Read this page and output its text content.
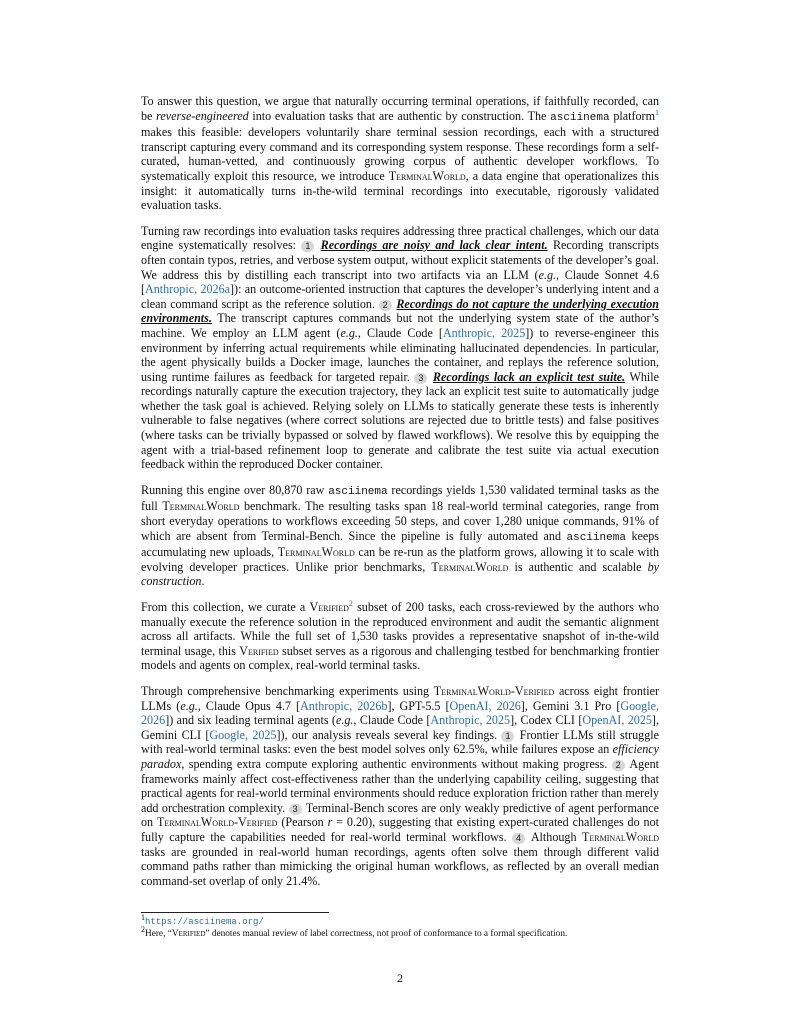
To answer this question, we argue that naturally occurring terminal operations, if faithfully recorded, can be reverse-engineered into evaluation tasks that are authentic by construction. The asciinema platform$^1$ makes this feasible: developers voluntarily share terminal session recordings, each with a structured transcript capturing every command and its corresponding system response. These recordings form a self-curated, human-vetted, and continuously growing corpus of authentic developer workflows. To systematically exploit this resource, we introduce TerminalWorld, a data engine that operationalizes this insight: it automatically turns in-the-wild terminal recordings into executable, rigorously validated evaluation tasks.

Turning raw recordings into evaluation tasks requires addressing three practical challenges, which our data engine systematically resolves: 1 Recordings are noisy and lack clear intent. Recording transcripts often contain typos, retries, and verbose system output, without explicit statements of the developer’s goal. We address this by distilling each transcript into two artifacts via an LLM (e.g., Claude Sonnet 4.6 [Anthropic, 2026a]): an outcome-oriented instruction that captures the developer’s underlying intent and a clean command script as the reference solution. 2 Recordings do not capture the underlying execution environments. The transcript captures commands but not the underlying system state of the author’s machine. We employ an LLM agent (e.g., Claude Code [Anthropic, 2025]) to reverse-engineer this environment by inferring actual requirements while eliminating hallucinated dependencies. In particular, the agent physically builds a Docker image, launches the container, and replays the reference solution, using runtime failures as feedback for targeted repair. 3 Recordings lack an explicit test suite. While recordings naturally capture the execution trajectory, they lack an explicit test suite to automatically judge whether the task goal is achieved. Relying solely on LLMs to statically generate these tests is inherently vulnerable to false negatives (where correct solutions are rejected due to brittle tests) and false positives (where tasks can be trivially bypassed or solved by flawed workflows). We resolve this by equipping the agent with a trial-based refinement loop to generate and calibrate the test suite via actual execution feedback within the reproduced Docker container.

Running this engine over 80,870 raw asciinema recordings yields 1,530 validated terminal tasks as the full TerminalWorld benchmark. The resulting tasks span 18 real-world terminal categories, range from short everyday operations to workflows exceeding 50 steps, and cover 1,280 unique commands, 91% of which are absent from Terminal-Bench. Since the pipeline is fully automated and asciinema keeps accumulating new uploads, TerminalWorld can be re-run as the platform grows, allowing it to scale with evolving developer practices. Unlike prior benchmarks, TerminalWorld is authentic and scalable by construction.

From this collection, we curate a Verified$^2$ subset of 200 tasks, each cross-reviewed by the authors who manually execute the reference solution in the reproduced environment and audit the semantic alignment across all artifacts. While the full set of 1,530 tasks provides a representative snapshot of in-the-wild terminal usage, this Verified subset serves as a rigorous and challenging testbed for benchmarking frontier models and agents on complex, real-world terminal tasks.

Through comprehensive benchmarking experiments using TerminalWorld-Verified across eight frontier LLMs (e.g., Claude Opus 4.7 [Anthropic, 2026b], GPT-5.5 [OpenAI, 2026], Gemini 3.1 Pro [Google, 2026]) and six leading terminal agents (e.g., Claude Code [Anthropic, 2025], Codex CLI [OpenAI, 2025], Gemini CLI [Google, 2025]), our analysis reveals several key findings. 1 Frontier LLMs still struggle with real-world terminal tasks: even the best model solves only 62.5%, while failures expose an efficiency paradox, spending extra compute exploring authentic environments without making progress. 2 Agent frameworks mainly affect cost-effectiveness rather than the underlying capability ceiling, suggesting that practical agents for real-world terminal environments should reduce exploration friction rather than merely add orchestration complexity. 3 Terminal-Bench scores are only weakly predictive of agent performance on TerminalWorld-Verified (Pearson r = 0.20), suggesting that existing expert-curated challenges do not fully capture the capabilities needed for real-world terminal workflows. 4 Although TerminalWorld tasks are grounded in real-world human recordings, agents often solve them through different valid command paths rather than mimicking the original human workflows, as reflected by an overall median command-set overlap of only 21.4%.

$^1$https://asciinema.org/
$^2$Here, “Verified” denotes manual review of label correctness, not proof of conformance to a formal specification.
2
